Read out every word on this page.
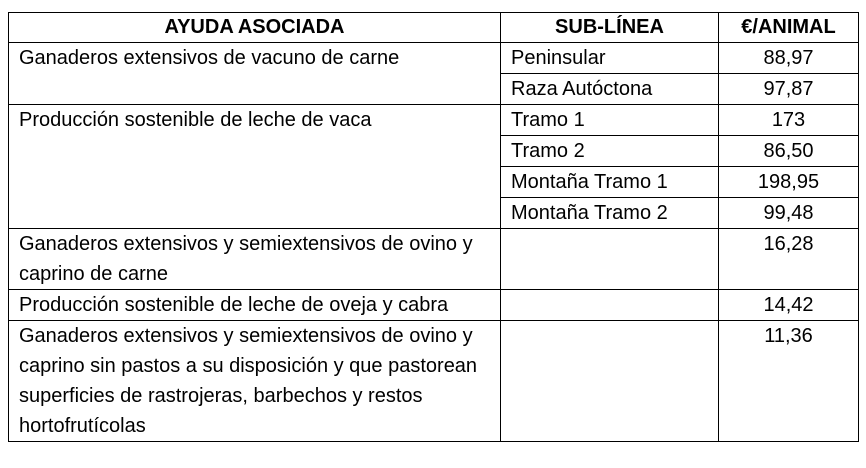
AYUDA ASOCIADA	SUB-LÍNEA	€/ANIMAL
Ganaderos extensivos de vacuno de carne	Peninsular	88,97
	Raza Autóctona	97,87
Producción sostenible de leche de vaca	Tramo 1	173
	Tramo 2	86,50
	Montaña Tramo 1	198,95
	Montaña Tramo 2	99,48
Ganaderos extensivos y semiextensivos de ovino y caprino de carne		16,28
Producción sostenible de leche de oveja y cabra		14,42
Ganaderos extensivos y semiextensivos de ovino y caprino sin pastos a su disposición y que pastorean superficies de rastrojeras, barbechos y restos hortofrutícolas		11,36
